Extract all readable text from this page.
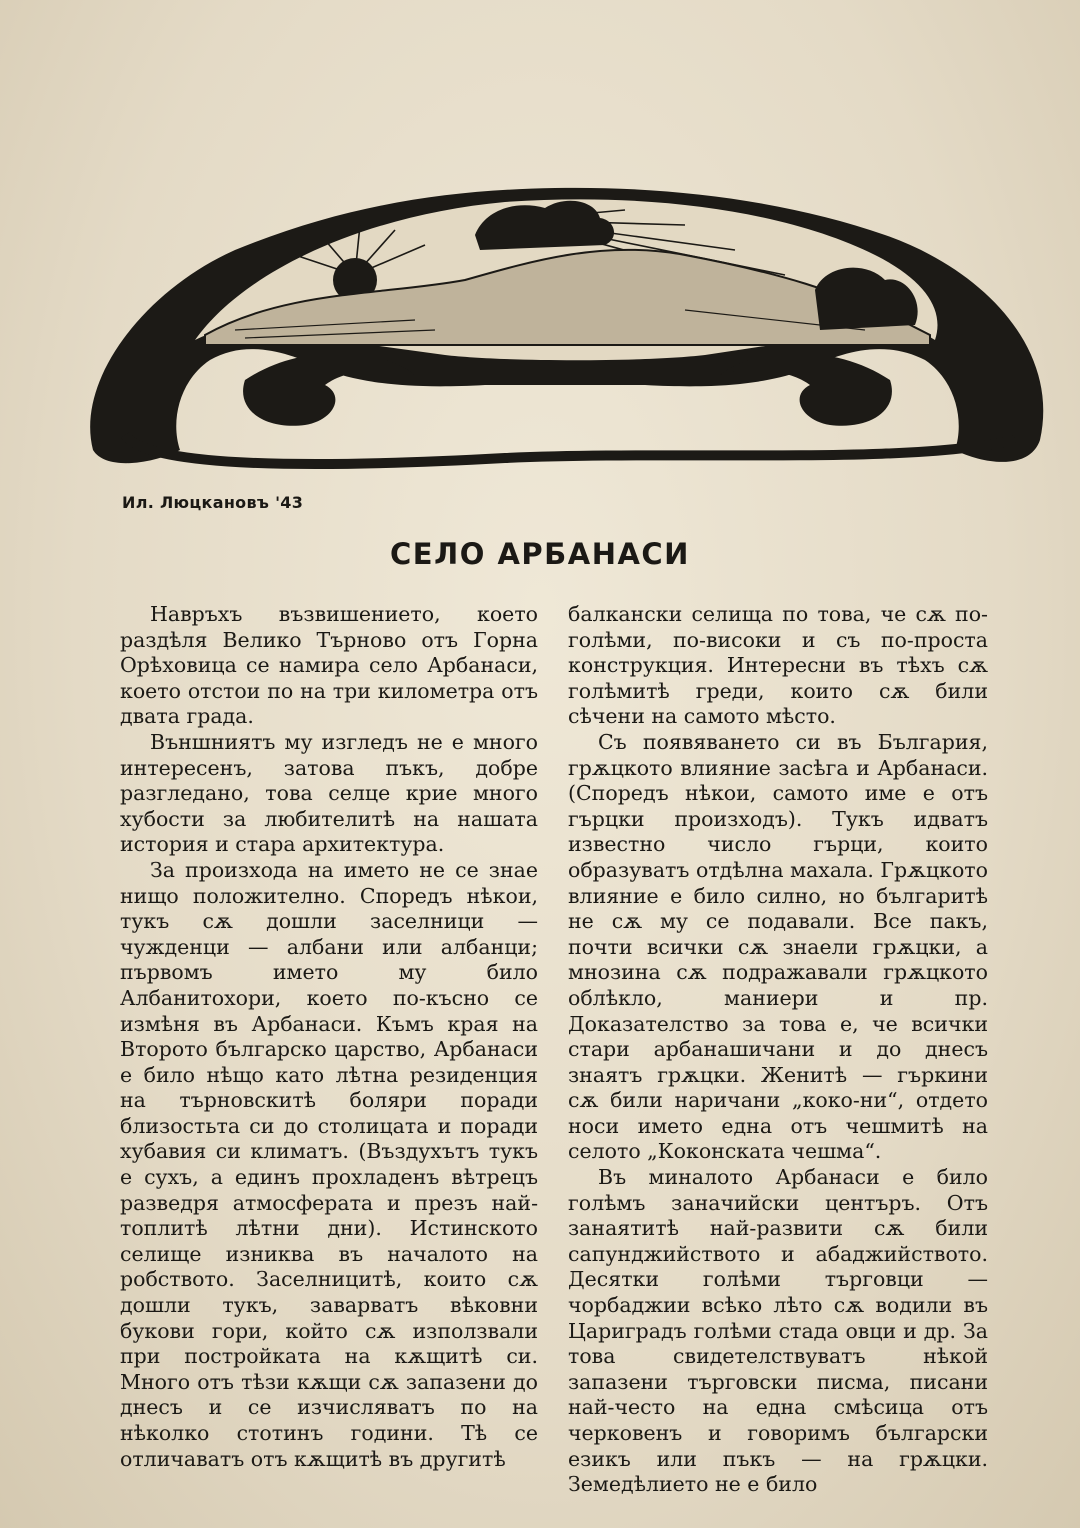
Ил. Люцкановъ '43
СЕЛО АРБАНАСИ

Навръхъ възвишението, което раздѣля Велико Търново отъ Горна Орѣховица се намира село Арбанаси, което отстои по на три километра отъ двата града.

Външниятъ му изгледъ не е много интересенъ, затова пъкъ, добре разгледано, това селце крие много хубости за любителитѣ на нашата история и стара архитектура.

За произхода на името не се знае нищо положително. Споредъ нѣкои, тукъ сѫ дошли заселници — чужденци — албани или албанци; първомъ името му било Албанитохори, което по-късно се измѣня въ Арбанаси. Къмъ края на Второто българско царство, Арбанаси е било нѣщо като лѣтна резиденция на търновскитѣ боляри поради близостьта си до столицата и поради хубавия си климатъ. (Въздухътъ тукъ е сухъ, а единъ прохладенъ вѣтрецъ разведря атмосферата и презъ най-топлитѣ лѣтни дни). Истинското селище изниква въ началото на робството. Заселницитѣ, които сѫ дошли тукъ, заварватъ вѣковни букови гори, който сѫ използвали при постройката на кѫщитѣ си. Много отъ тѣзи кѫщи сѫ запазени до днесъ и се изчисляватъ по на нѣколко стотинъ години. Тѣ се отличаватъ отъ кѫщитѣ въ другитѣ

балкански селища по това, че сѫ по-голѣми, по-високи и съ по-проста конструкция. Интересни въ тѣхъ сѫ голѣмитѣ греди, които сѫ били сѣчени на самото мѣсто.

Съ появяването си въ България, грѫцкото влияние засѣга и Арбанаси. (Споредъ нѣкои, самото име е отъ гърцки произходъ). Тукъ идватъ известно число гърци, които образуватъ отдѣлна махала. Грѫцкото влияние е било силно, но българитѣ не сѫ му се подавали. Все пакъ, почти всички сѫ знаели грѫцки, а мнозина сѫ подражавали грѫцкото облѣкло, маниери и пр. Доказателство за това е, че всички стари арбанашичани и до днесъ знаятъ грѫцки. Женитѣ — гъркини сѫ били наричани „коко-ни“, отдето носи името една отъ чешмитѣ на селото „Коконската чешма“.

Въ миналото Арбанаси е било голѣмъ заначийски центъръ. Отъ занаятитѣ най-развити сѫ били сапунджийството и абаджийството. Десятки голѣми търговци — чорбаджии всѣко лѣто сѫ водили въ Цариградъ голѣми стада овци и др. За това свидетелствуватъ нѣкой запазени търговски писма, писани най-често на една смѣсица отъ черковенъ и говоримъ български езикъ или пъкъ — на грѫцки. Земедѣлието не е било
